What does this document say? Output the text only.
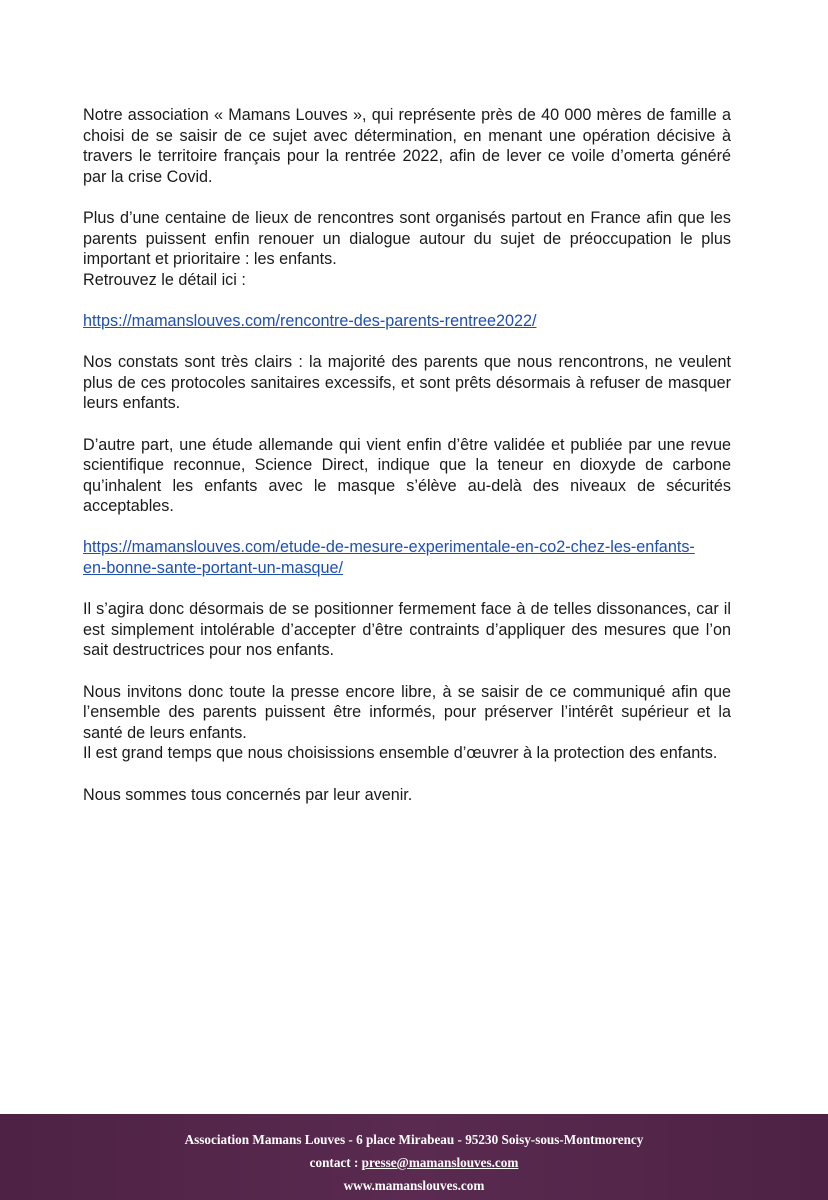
Notre association « Mamans Louves », qui représente près de 40 000 mères de famille a choisi de se saisir de ce sujet avec détermination, en menant une opération décisive à travers le territoire français pour la rentrée 2022, afin de lever ce voile d’omerta généré par la crise Covid.

Plus d’une centaine de lieux de rencontres sont organisés partout en France afin que les parents puissent enfin renouer un dialogue autour du sujet de préoccupation le plus important et prioritaire : les enfants.
Retrouvez le détail ici :

https://mamanslouves.com/rencontre-des-parents-rentree2022/

Nos constats sont très clairs : la majorité des parents que nous rencontrons, ne veulent plus de ces protocoles sanitaires excessifs, et sont prêts désormais à refuser de masquer leurs enfants.

D’autre part, une étude allemande qui vient enfin d’être validée et publiée par une revue scientifique reconnue, Science Direct, indique que la teneur en dioxyde de carbone qu’inhalent les enfants avec le masque s’élève au-delà des niveaux de sécurités acceptables.

https://mamanslouves.com/etude-de-mesure-experimentale-en-co2-chez-les-enfants-
en-bonne-sante-portant-un-masque/

Il s’agira donc désormais de se positionner fermement face à de telles dissonances, car il est simplement intolérable d’accepter d’être contraints d’appliquer des mesures que l’on sait destructrices pour nos enfants.

Nous invitons donc toute la presse encore libre, à se saisir de ce communiqué afin que l’ensemble des parents puissent être informés, pour préserver l’intérêt supérieur et la santé de leurs enfants.
Il est grand temps que nous choisissions ensemble d’œuvrer à la protection des enfants.

Nous sommes tous concernés par leur avenir.

Association Mamans Louves - 6 place Mirabeau - 95230 Soisy-sous-Montmorency
contact : presse@mamanslouves.com
www.mamanslouves.com
